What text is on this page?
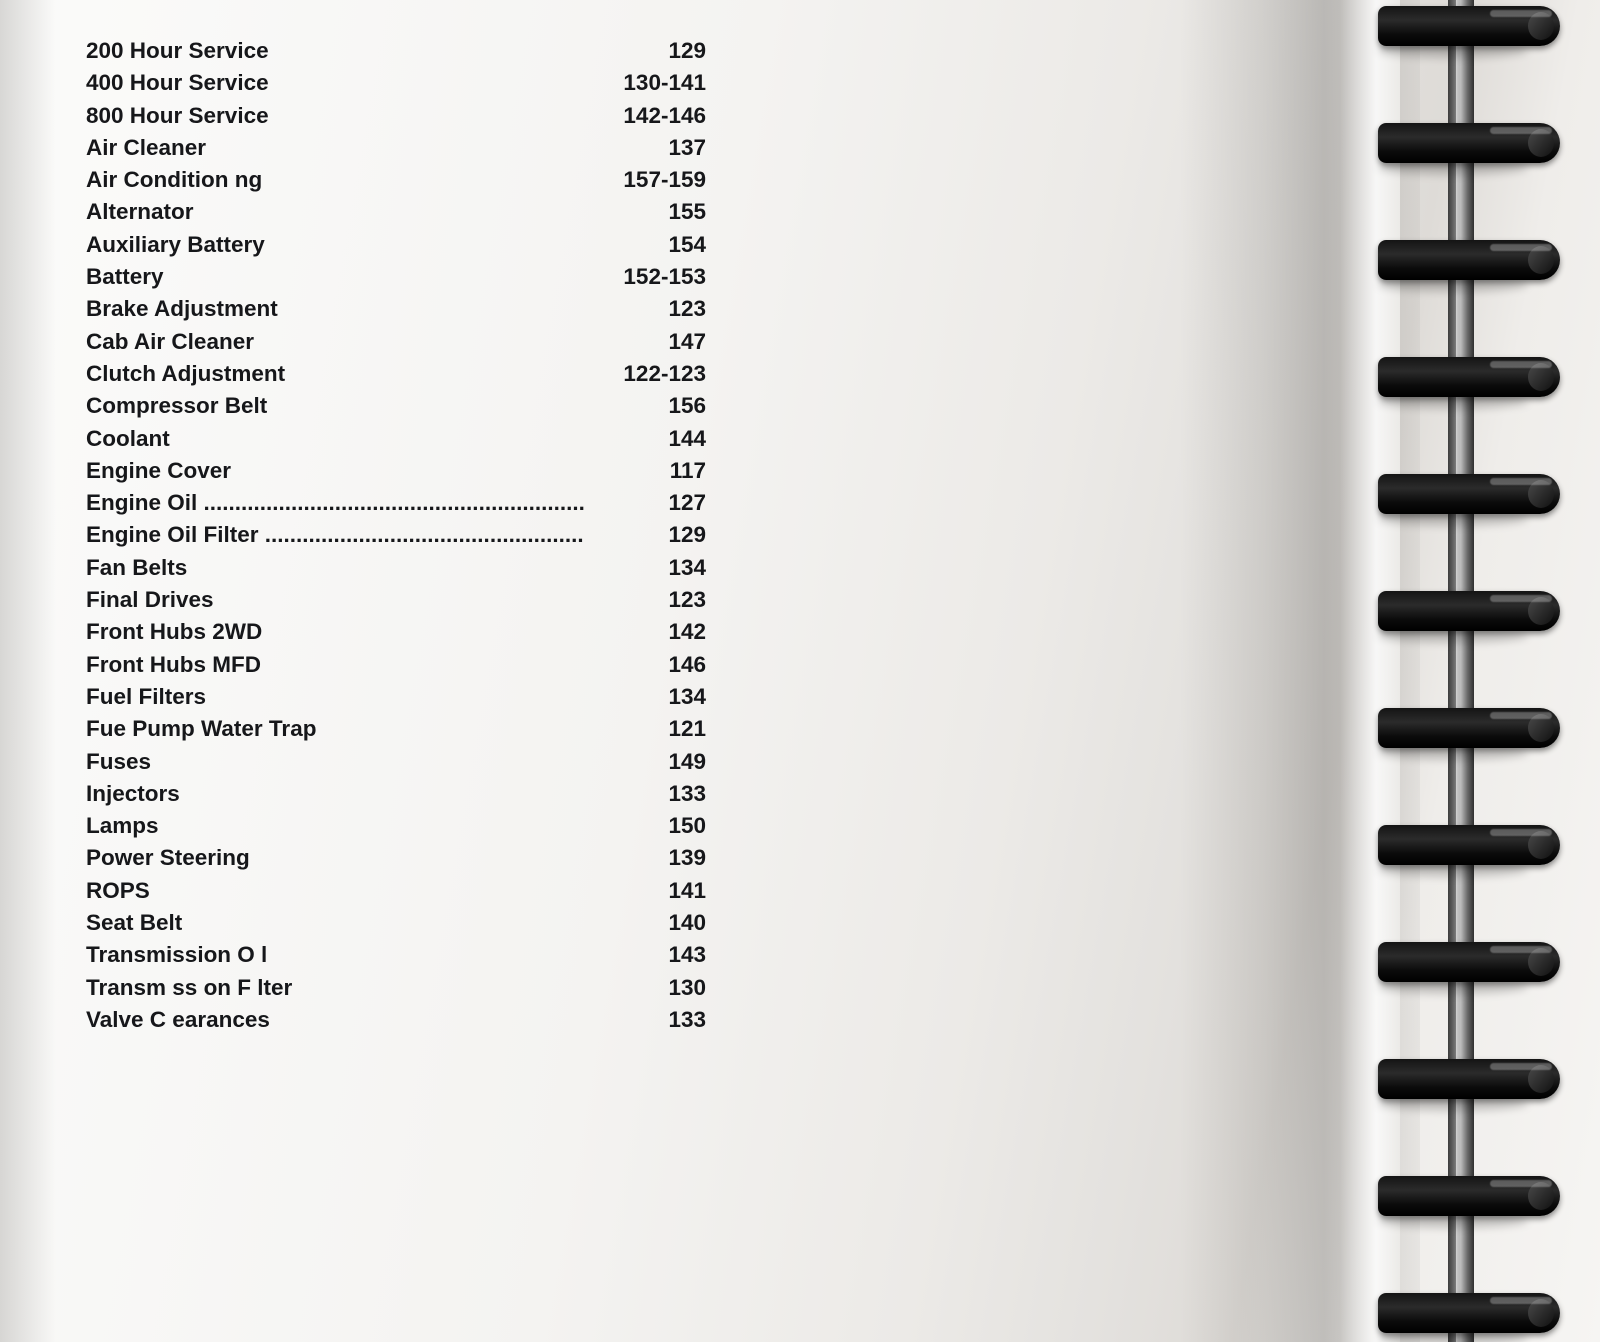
200 Hour Service	129
400 Hour Service	130-141
800 Hour Service	142-146
Air Cleaner	137
Air Condition ng	157-159
Alternator	155
Auxiliary Battery	154
Battery	152-153
Brake Adjustment	123
Cab Air Cleaner	147
Clutch Adjustment	122-123
Compressor Belt	156
Coolant	144
Engine Cover	117
Engine Oil .............................................................	127
Engine Oil Filter ...................................................	129
Fan Belts	134
Final Drives	123
Front Hubs 2WD	142
Front Hubs MFD	146
Fuel Filters	134
Fue Pump Water Trap	121
Fuses	149
Injectors	133
Lamps	150
Power Steering	139
ROPS	141
Seat Belt	140
Transmission O l	143
Transm ss on F lter	130
Valve C earances	133
